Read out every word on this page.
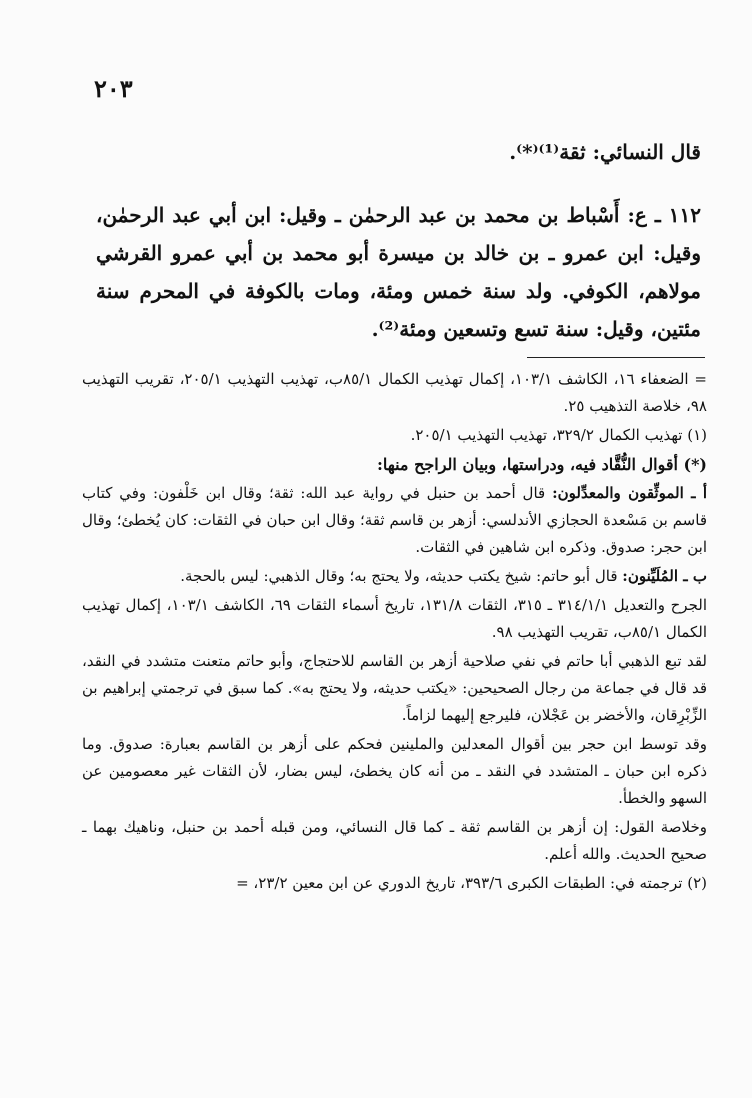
٢٠٣
قال النسائي: ثقة⁽¹⁾⁽*⁾.
١١٢ ـ ع: أَسْباط بن محمد بن عبد الرحمٰن ـ وقيل: ابن أبي عبد الرحمٰن، وقيل: ابن عمرو ـ بن خالد بن ميسرة أبو محمد بن أبي عمرو القرشي مولاهم، الكوفي. ولد سنة خمس ومئة، ومات بالكوفة في المحرم سنة مئتين، وقيل: سنة تسع وتسعين ومئة⁽²⁾.

= الضعفاء ١٦، الكاشف ١٠٣/١، إكمال تهذيب الكمال ٨٥/١ب، تهذيب التهذيب ٢٠٥/١، تقريب التهذيب ٩٨، خلاصة التذهيب ٢٥.

(١) تهذيب الكمال ٣٢٩/٢، تهذيب التهذيب ٢٠٥/١.

(*) أقوال النُّقَّاد فيه، ودراستها، وبيان الراجح منها:

أ ـ الموثِّقون والمعدِّلون: قال أحمد بن حنبل في رواية عبد الله: ثقة؛ وقال ابن خَلْفون: وفي كتاب قاسم بن مَسْعدة الحجازي الأندلسي: أزهر بن قاسم ثقة؛ وقال ابن حبان في الثقات: كان يُخطئ؛ وقال ابن حجر: صدوق. وذكره ابن شاهين في الثقات.

ب ـ المُلَيِّنون: قال أبو حاتم: شيخ يكتب حديثه، ولا يحتج به؛ وقال الذهبي: ليس بالحجة.

الجرح والتعديل ٣١٤/١/١ ـ ٣١٥، الثقات ١٣١/٨، تاريخ أسماء الثقات ٦٩، الكاشف ١٠٣/١، إكمال تهذيب الكمال ٨٥/١ب، تقريب التهذيب ٩٨.

لقد تبع الذهبي أبا حاتم في نفي صلاحية أزهر بن القاسم للاحتجاج، وأبو حاتم متعنت متشدد في النقد، قد قال في جماعة من رجال الصحيحين: «يكتب حديثه، ولا يحتج به». كما سبق في ترجمتي إبراهيم بن الزِّبْرِقان، والأخضر بن عَجْلان، فليرجع إليهما لزاماً.

وقد توسط ابن حجر بين أقوال المعدلين والملينين فحكم على أزهر بن القاسم بعبارة: صدوق. وما ذكره ابن حبان ـ المتشدد في النقد ـ من أنه كان يخطئ، ليس بضار، لأن الثقات غير معصومين عن السهو والخطأ.

وخلاصة القول: إن أزهر بن القاسم ثقة ـ كما قال النسائي، ومن قبله أحمد بن حنبل، وناهيك بهما ـ صحيح الحديث. والله أعلم.

(٢) ترجمته في: الطبقات الكبرى ٣٩٣/٦، تاريخ الدوري عن ابن معين ٢٣/٢، =
